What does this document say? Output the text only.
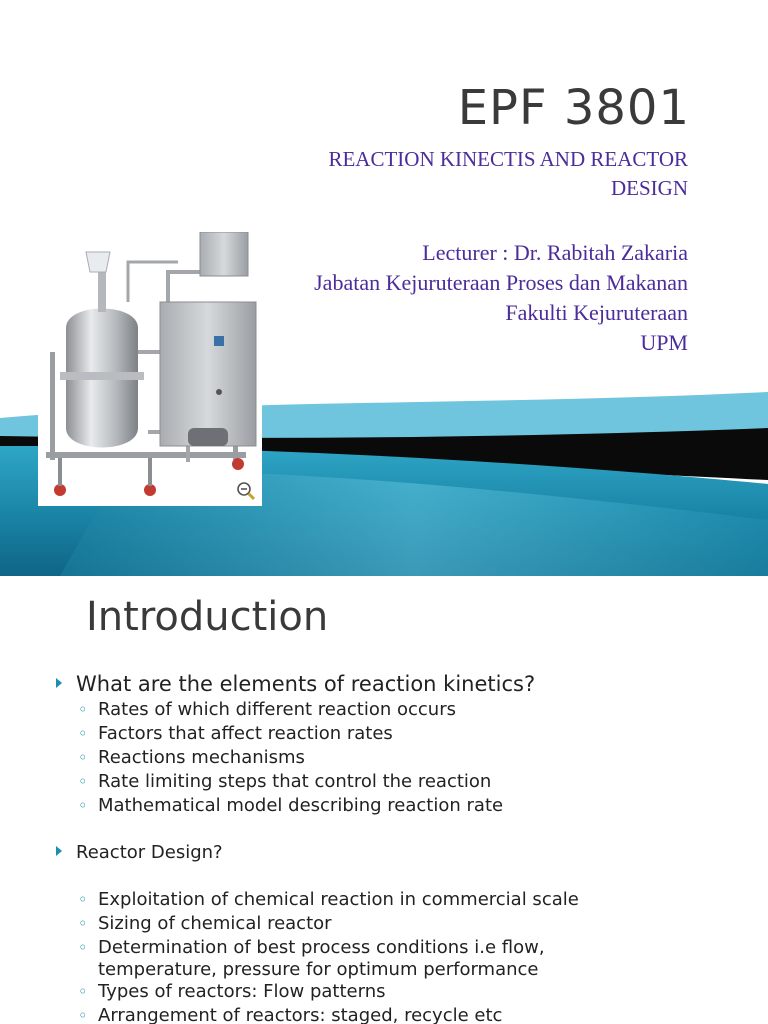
EPF 3801
REACTION KINECTIS AND REACTOR DESIGN
Lecturer : Dr. Rabitah Zakaria
Jabatan Kejuruteraan Proses dan Makanan
Fakulti Kejuruteraan
UPM
Introduction
What are the elements of reaction kinetics?
◦ Rates of which different reaction occurs
◦ Factors that affect reaction rates
◦ Reactions mechanisms
◦ Rate limiting steps that control the reaction
◦ Mathematical model describing reaction rate
Reactor Design?
◦ Exploitation of chemical reaction in commercial scale
◦ Sizing of chemical reactor
◦ Determination of best process conditions i.e flow,
temperature, pressure for optimum performance
◦ Types of reactors: Flow patterns
◦ Arrangement of reactors: staged, recycle etc
